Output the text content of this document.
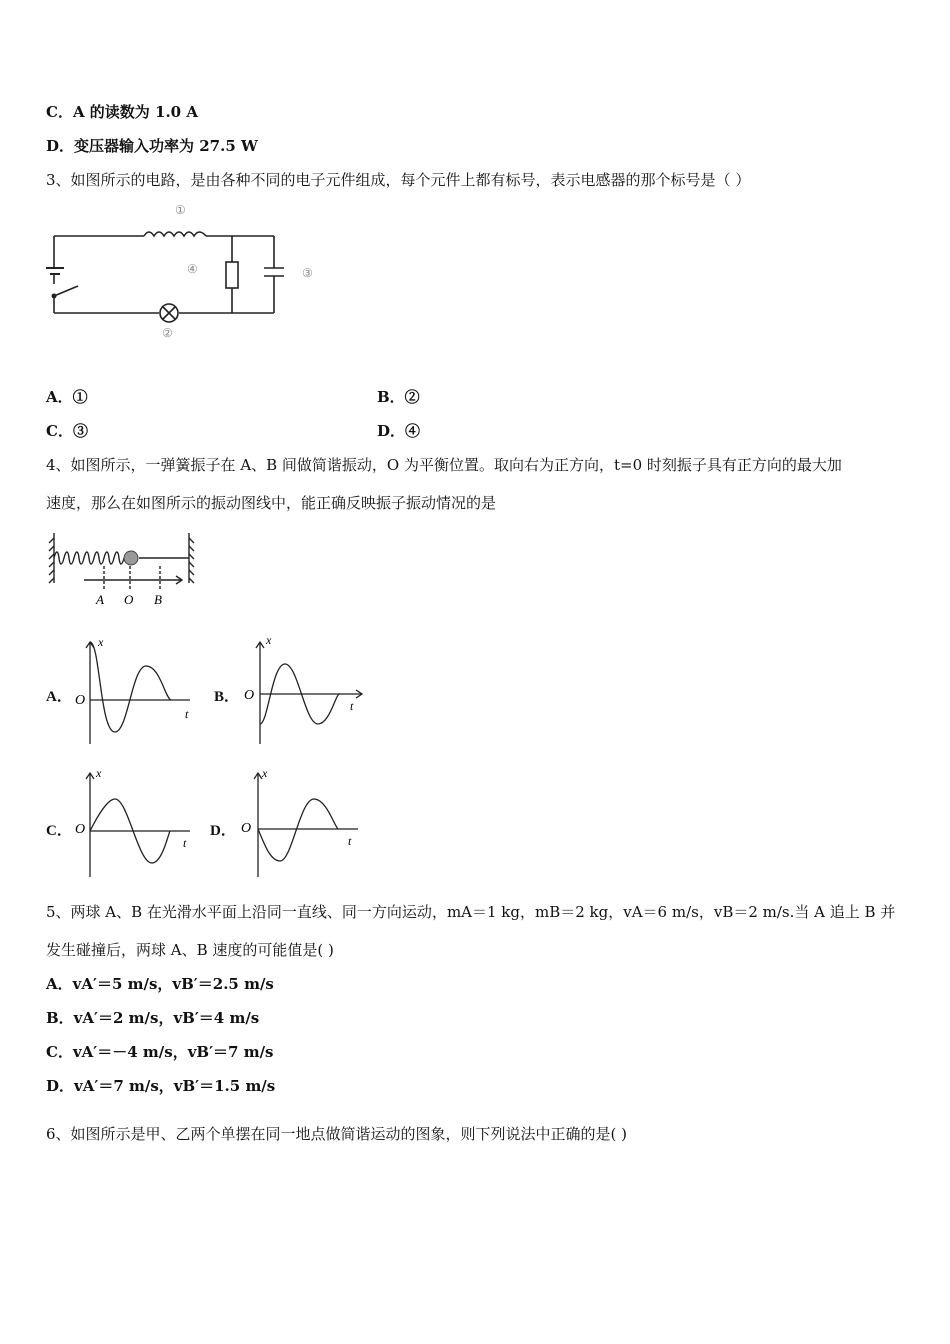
C．A 的读数为 1.0 A
D．变压器输入功率为 27.5 W
3、如图所示的电路，是由各种不同的电子元件组成，每个元件上都有标号，表示电感器的那个标号是（ ）
①
④	③
②
A．①	B．②
C．③	D．④
4、如图所示，一弹簧振子在 A、B 间做简谐振动，O 为平衡位置。取向右为正方向，t=0 时刻振子具有正方向的最大加
速度，那么在如图所示的振动图线中，能正确反映振子振动情况的是
A O B
A．
x
t
O	B．
x
t
O
C．
x
t
O	D．
x
t
O
5、两球 A、B 在光滑水平面上沿同一直线、同一方向运动，mA＝1 kg，mB＝2 kg，vA＝6 m/s，vB＝2 m/s.当 A 追上 B 并
发生碰撞后，两球 A、B 速度的可能值是( )
A．vA′＝5 m/s，vB′＝2.5 m/s
B．vA′＝2 m/s，vB′＝4 m/s
C．vA′＝－4 m/s，vB′＝7 m/s
D．vA′＝7 m/s，vB′＝1.5 m/s
6、如图所示是甲、乙两个单摆在同一地点做简谐运动的图象，则下列说法中正确的是( )
